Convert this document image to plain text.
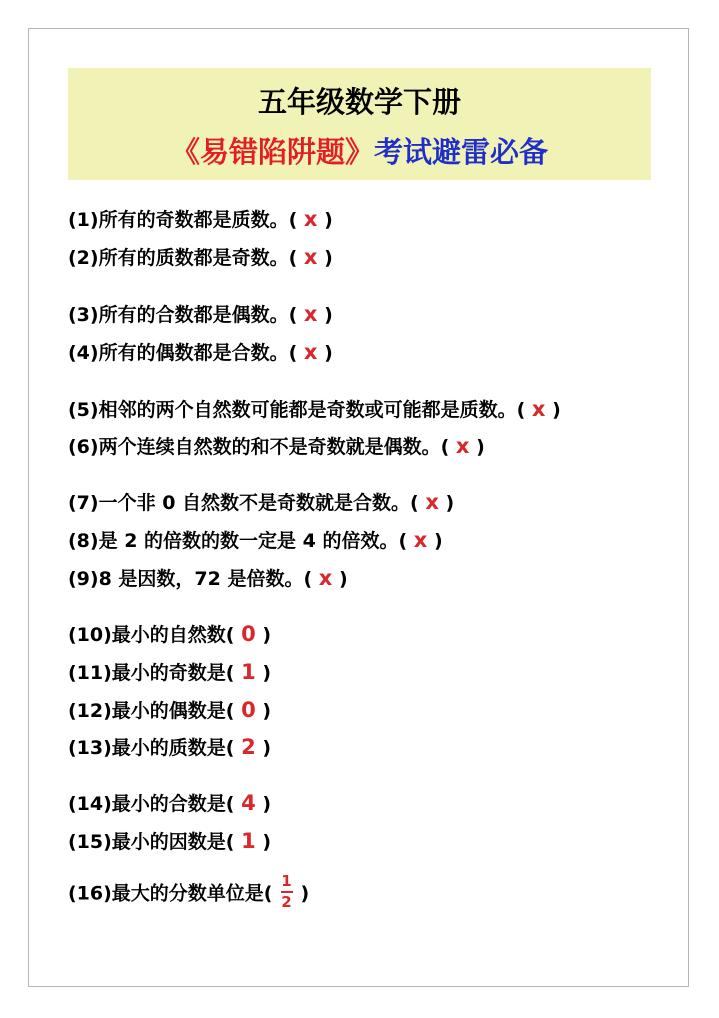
五年级数学下册
《易错陷阱题》考试避雷必备
(1)所有的奇数都是质数。( x )
(2)所有的质数都是奇数。( x )
(3)所有的合数都是偶数。( x )
(4)所有的偶数都是合数。( x )
(5)相邻的两个自然数可能都是奇数或可能都是质数。( x )
(6)两个连续自然数的和不是奇数就是偶数。( x )
(7)一个非 0 自然数不是奇数就是合数。( x )
(8)是 2 的倍数的数一定是 4 的倍效。( x )
(9)8 是因数，72 是倍数。( x )
(10)最小的自然数( 0 )
(11)最小的奇数是( 1 )
(12)最小的偶数是( 0 )
(13)最小的质数是( 2 )
(14)最小的合数是( 4 )
(15)最小的因数是( 1 )
(16)最大的分数单位是( $\frac{1}{2}$ )
